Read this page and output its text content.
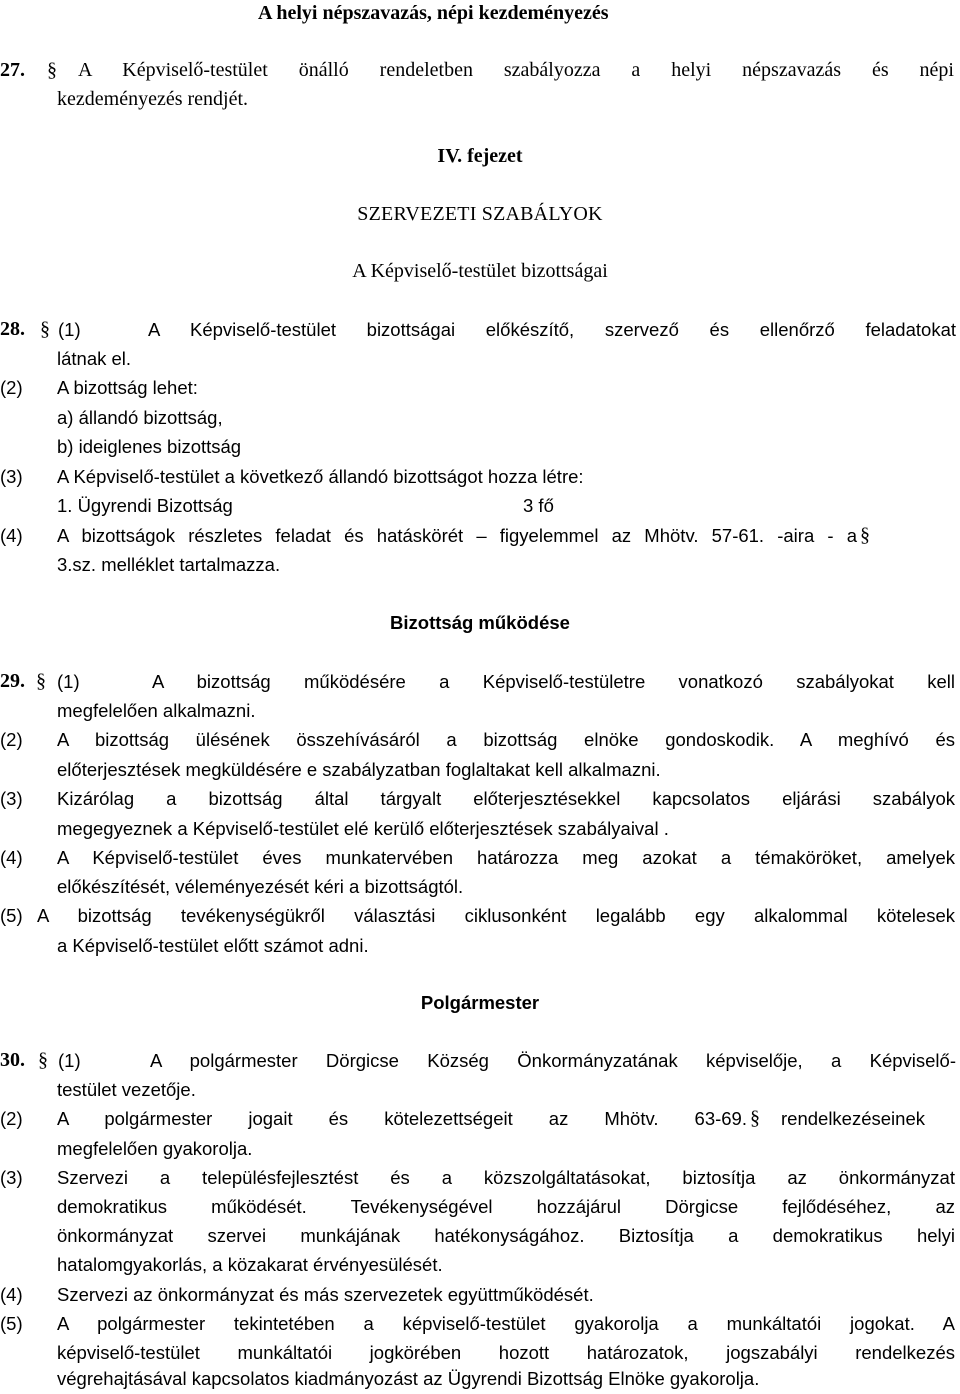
A helyi népszavazás, népi kezdeményezés
27. § A Képviselő-testület önálló rendeletben szabályozza a helyi népszavazás és népi
kezdeményezés rendjét.
IV. fejezet
SZERVEZETI SZABÁLYOK
A Képviselő-testület bizottságai
28. § (1)	A Képviselő-testület bizottságai előkészítő, szervező és ellenőrző feladatokat
látnak el.
(2) A bizottság lehet:
a) állandó bizottság,
b) ideiglenes bizottság
(3) A Képviselő-testület a következő állandó bizottságot hozza létre:
1. Ügyrendi Bizottság	3 fő
(4) A bizottságok részletes feladat és hatáskörét – figyelemmel az Mhötv. 57-61. -aira - a §
3.sz. melléklet tartalmazza.
Bizottság működése
29. § (1)	A bizottság működésére a Képviselő-testületre vonatkozó szabályokat kell
megfelelően alkalmazni.
(2) A bizottság ülésének összehívásáról a bizottság elnöke gondoskodik. A meghívó és
előterjesztések megküldésére e szabályzatban foglaltakat kell alkalmazni.
(3) Kizárólag a bizottság által tárgyalt előterjesztésekkel kapcsolatos eljárási szabályok
megegyeznek a Képviselő-testület elé kerülő előterjesztések szabályaival .
(4) A Képviselő-testület éves munkatervében határozza meg azokat a témaköröket, amelyek
előkészítését, véleményezését kéri a bizottságtól.
(5) A bizottság tevékenységükről választási ciklusonként legalább egy alkalommal kötelesek
a Képviselő-testület előtt számot adni.
Polgármester
30. § (1)	A polgármester Dörgicse Község Önkormányzatának képviselője, a Képviselő-
testület vezetője.
(2) A polgármester jogait és kötelezettségeit az Mhötv. 63-69. § rendelkezéseinek
megfelelően gyakorolja.
(3) Szervezi a településfejlesztést és a közszolgáltatásokat, biztosítja az önkormányzat
demokratikus működését. Tevékenységével hozzájárul Dörgicse fejlődéséhez, az
önkormányzat szervei munkájának hatékonyságához. Biztosítja a demokratikus helyi
hatalomgyakorlás, a közakarat érvényesülését.
(4) Szervezi az önkormányzat és más szervezetek együttműködését.
(5) A polgármester tekintetében a képviselő-testület gyakorolja a munkáltatói jogokat. A
képviselő-testület munkáltatói jogkörében hozott határozatok, jogszabályi rendelkezés
végrehajtásával kapcsolatos kiadmányozást az Ügyrendi Bizottság Elnöke gyakorolja.
